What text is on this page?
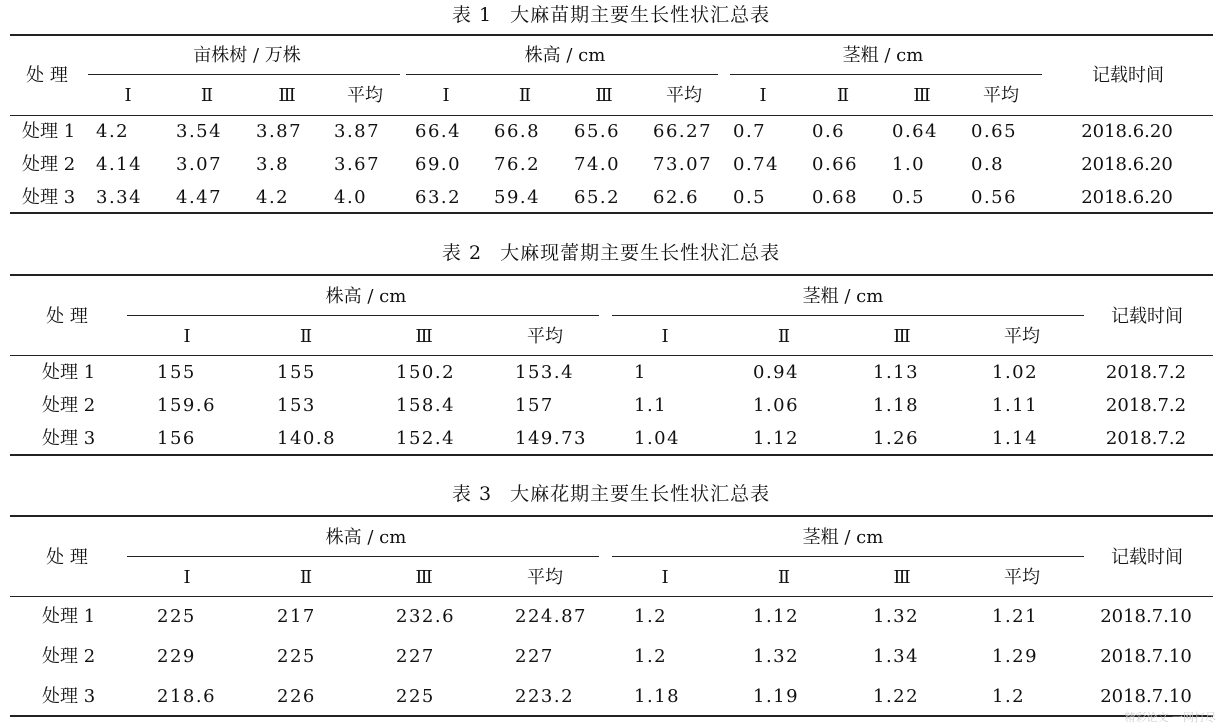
表 1 大麻苗期主要生长性状汇总表
处 理
亩株树 / 万株	株高 / cm	茎粗 / cm
记载时间
Ⅰ	Ⅱ	Ⅲ	平均	Ⅰ	Ⅱ	Ⅲ	平均	Ⅰ	Ⅱ	Ⅲ	平均
处理 1 4.2	3.54 3.87 3.87 66.4 66.8 65.6 66.27 0.7	0.6	0.64 0.65	2018.6.20
处理 2 4.14 3.07 3.8 3.67 69.0 76.2 74.0 73.07 0.74 0.66 1.0	0.8	2018.6.20
处理 3 3.34 4.47 4.2 4.0	63.2 59.4 65.2 62.6 0.5	0.68 0.5	0.56	2018.6.20
表 2 大麻现蕾期主要生长性状汇总表
处 理
株高 / cm	茎粗 / cm
记载时间
Ⅰ	Ⅱ	Ⅲ	平均	Ⅰ	Ⅱ	Ⅲ	平均
处理 1	155	155	150.2	153.4	1	0.94	1.13	1.02	2018.7.2
处理 2	159.6	153	158.4	157	1.1	1.06	1.18	1.11	2018.7.2
处理 3	156	140.8	152.4	149.73	1.04	1.12	1.26	1.14	2018.7.2
表 3 大麻花期主要生长性状汇总表
处 理
株高 / cm	茎粗 / cm
记载时间
Ⅰ	Ⅱ	Ⅲ	平均	Ⅰ	Ⅱ	Ⅲ	平均
处理 1	225	217	232.6	224.87	1.2	1.12	1.32	1.21	2018.7.10
处理 2	229	225	227	227	1.2	1.32	1.34	1.29	2018.7.10
处理 3	218.6	226	225	223.2	1.18	1.19	1.22	1.2	2018.7.10
精彩论文 一网打尽
